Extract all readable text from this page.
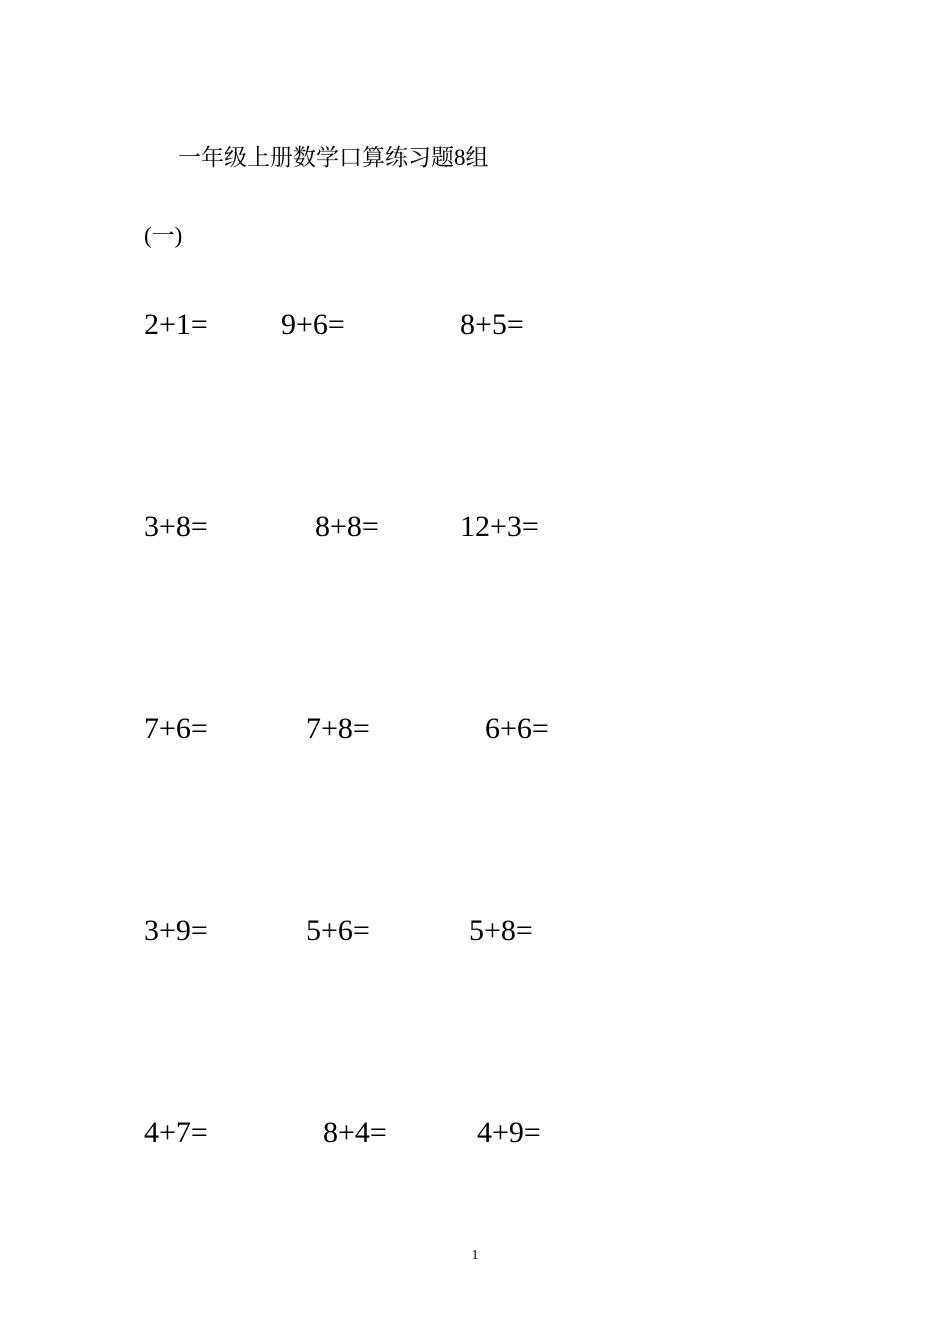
一年级上册数学口算练习题8组
(一)
2+1= 9+6=	8+5=
3+8=	8+8=	12+3=
7+6=	7+8=	6+6=
3+9=	5+6=	5+8=
4+7=	8+4=	4+9=
1
